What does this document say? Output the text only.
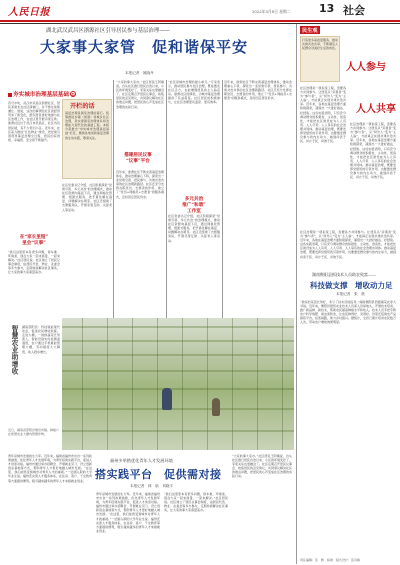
人民日报	2022年5月8日 星期二	13 社会
湖北武汉武昌区浙源社区引导居民参与基层治理——
大家事大家管　促和谐保平安
本报记者　姚晓丹
夯实城市治理基层基础 ①
四月中旬，武汉市武昌区浙源社区，居民邓建龙去社区商铺门，并不像往常般谦让。他说，这次的事情给社区的经济带来了新变化，组织居民更好地参与社区治理工作，在社区里开展邻里互助。浙源社区位于武汉市武昌区，社区内有居民楼，有不少老旧小区。近年来，社区着力推进“红色物业”建设，把党建引领贯穿基层治理全过程，居民的获得感、幸福感、安全感不断提升。
在“家长里短”
里会“议事”
“我们这里原本有很多问题，停车难、环境差，现在大家一起来商量、一起来解决。”社区居民说。社区建立了居民议事会制度，由居民代表、物业、业委会等多方参与，定期协商解决社区事务，让大家的事大家商量着办。
智慧农业助增收	湖南邵阳县：科技赋能现代农业，促进农民增收致富。走进大棚，一排排蔬菜长势喜人，智能设备实时监测温湿度，农户通过手机就能管理大棚，劳动强度大大降低，收入稳步增长。
开栏的话
基层治理是国家治理的基石。统筹推进乡镇（街道）和城乡社区治理，是实现国家治理体系和治理能力现代化的基础工程。本版今起推出“夯实城市治理基层基础”栏目，聚焦各地创新基层治理的生动实践，敬请关注。
社区党委书记介绍，社区积极探索“党建引领、多元共治”的治理模式，推动社区资源向基层下沉，通过网格化管理、组团式服务，把矛盾化解在基层、问题解决在萌芽。社区还组建了志愿服务队，开展邻里互助、关爱老人等活动。
搭建居民议事
“议事”平台
“大家的事大家办。”社区居民王阿姨说，自从社区推行居民自治以来，小区的环境变好了，邻里关系也更融洽了。社区定期召开居民议事会，收集居民的意见建议，共同商议解决社区的难点问题，把居民的心声变成社区治理的实际行动。
近年来，浙源社区不断完善基层治理体系，推动治理重心下移，探索出一条党建引领、居民参与、共建共治共享的社区治理新路径。社区还充分发挥在职党员、志愿者的作用，建立了“党员+网格员+志愿者”的服务模式，及时回应居民诉求。
“社区是城市治理的最小单元。”专家表示，推动居民参与社区治理，既能激发社区活力，也能增强居民的主人翁意识。浙源社区的探索，为城市基层治理提供了有益借鉴。社区居民的积极参与，让社区治理更有温度、更有效率。
多元共治
推广“和谐”
工作室
社区党委书记介绍，社区积极探索“党建引领、多元共治”的治理模式，推动社区资源向基层下沉，通过网格化管理、组团式服务，把矛盾化解在基层、问题解决在萌芽。社区还组建了志愿服务队，开展邻里互助、关爱老人等活动。
近年来，浙源社区不断完善基层治理体系，推动治理重心下移，探索出一条党建引领、居民参与、共建共治共享的社区治理新路径。社区还充分发挥在职党员、志愿者的作用，建立了“党员+网格员+志愿者”的服务模式，及时回应居民诉求。
近日，湖南省邵阳县塘田市镇，种植户在智慧农业大棚内管理作物。
福州多举措优化青年人才发展环境
搭实践平台　促供需对接
本报记者　林　晗　刘晓宇
青年是城市发展的生力军。近年来，福建省福州市出台一系列政策措施，优化青年人才发展环境，为青年搭建实践平台，促进人才供需对接。福州市通过举办招聘会、开展就业见习、设立创新创业基地等方式，帮助青年人才更好地融入城市发展。“在这里，我们能感受到城市对青年人才的重视。”一位刚入职的大学毕业生说。福州还完善人才服务体系，在住房、落户、子女教育等方面提供便利，吸引越来越多的青年人才来榕就业创业。
青年是城市发展的生力军。近年来，福建省福州市出台一系列政策措施，优化青年人才发展环境，为青年搭建实践平台，促进人才供需对接。福州市通过举办招聘会、开展就业见习、设立创新创业基地等方式，帮助青年人才更好地融入城市发展。“在这里，我们能感受到城市对青年人才的重视。”一位刚入职的大学毕业生说。福州还完善人才服务体系，在住房、落户、子女教育等方面提供便利，吸引越来越多的青年人才来榕就业创业。
“我们这里原本有很多问题，停车难、环境差，现在大家一起来商量、一起来解决。”社区居民说。社区建立了居民议事会制度，由居民代表、物业、业委会等多方参与，定期协商解决社区事务，让大家的事大家商量着办。
“大家的事大家办。”社区居民王阿姨说，自从社区推行居民自治以来，小区的环境变好了，邻里关系也更融洽了。社区定期召开居民议事会，收集居民的意见建议，共同商议解决社区的难点问题，把居民的心声变成社区治理的实际行动。
民生观
打造更多高质量服务，推动共建共治共享，不断满足人民群众对美好生活的向往。
人人参与
人人共享
社区治理是一项系统工程，需要各方共同参与。让居民从“旁观者”变为“参与者”，从“局外人”变为“主人翁”，才能真正实现共建共治共享。近年来，各地在基层治理方面积极探索，涌现出一大批好做法、好经验。这些实践表明，只有充分调动群众的积极性、主动性、创造性，才能把社区建设成为人人有责、人人尽责、人人享有的社会治理共同体。推动基层治理，既要发挥党组织的引领作用，也要激发群众参与的内生动力，做到问需于民、问计于民、问效于民。
社区治理是一项系统工程，需要各方共同参与。让居民从“旁观者”变为“参与者”，从“局外人”变为“主人翁”，才能真正实现共建共治共享。近年来，各地在基层治理方面积极探索，涌现出一大批好做法、好经验。这些实践表明，只有充分调动群众的积极性、主动性、创造性，才能把社区建设成为人人有责、人人尽责、人人享有的社会治理共同体。推动基层治理，既要发挥党组织的引领作用，也要激发群众参与的内生动力，做到问需于民、问计于民、问效于民。
社区治理是一项系统工程，需要各方共同参与。让居民从“旁观者”变为“参与者”，从“局外人”变为“主人翁”，才能真正实现共建共治共享。近年来，各地在基层治理方面积极探索，涌现出一大批好做法、好经验。这些实践表明，只有充分调动群众的积极性、主动性、创造性，才能把社区建设成为人人有责、人人尽责、人人享有的社会治理共同体。推动基层治理，既要发挥党组织的引领作用，也要激发群众参与的内生动力，做到问需于民、问计于民、问效于民。
湖南衡阳县抓技术人员助农致富——
科技做支撑　增收动力足
本报记者　张　晨
“我家的菜苗长势好，多亏了技术员的指导。”湖南衡阳县西渡镇菜农李大爷说。近年来，衡阳县组织农业技术人员深入田间地头，开展技术培训，推广新品种、新技术，帮助农民提高种植水平和收入。技术人员手把手教农户科学施肥、病虫害防治，让农民种得好、卖得好。县里还搭建农产品销售平台，拓宽销路，助力乡村振兴。据统计，全县已累计培训农民数万人次，带动农户增收效果明显。
责任编辑：张　帆　杨建　版式设计：张丹峰
